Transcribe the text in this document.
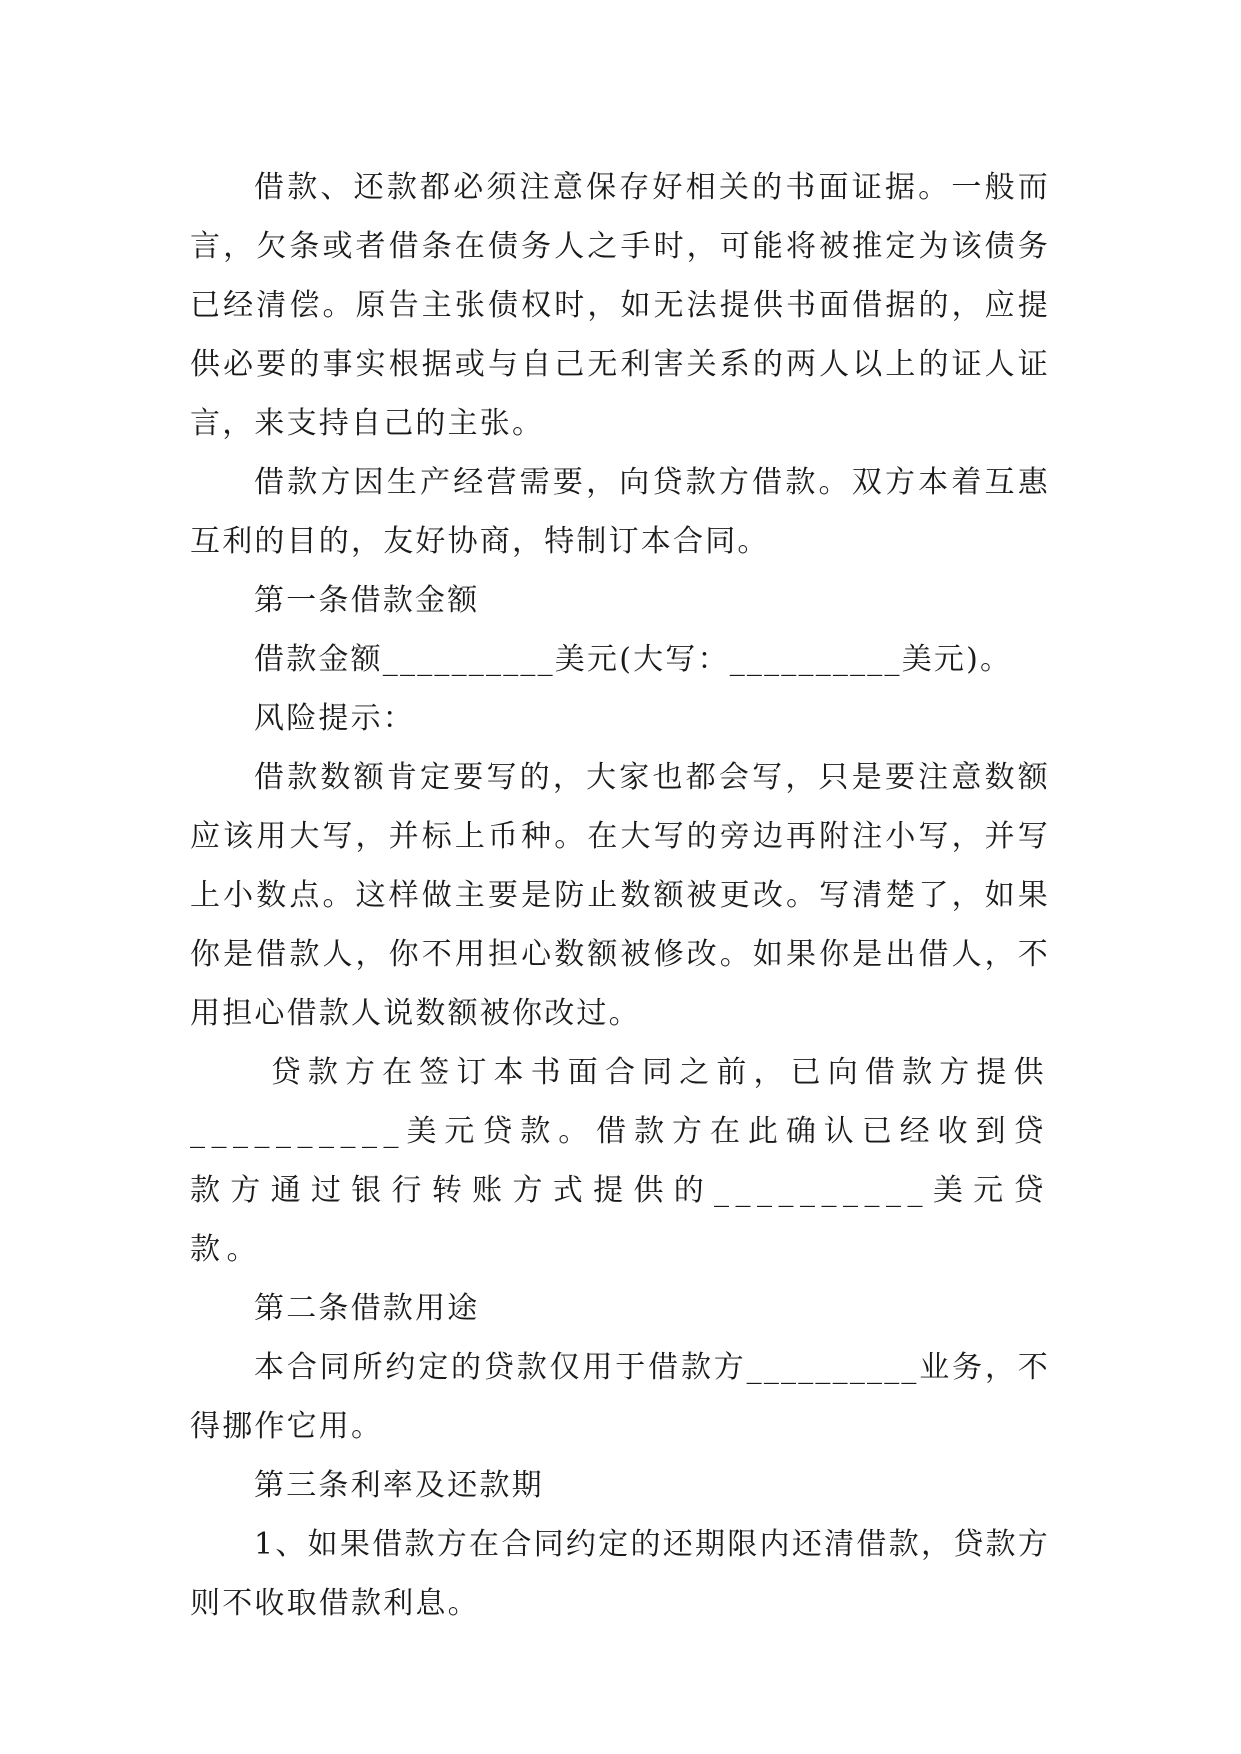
借款、还款都必须注意保存好相关的书面证据。一般而言，欠条或者借条在债务人之手时，可能将被推定为该债务已经清偿。原告主张债权时，如无法提供书面借据的，应提供必要的事实根据或与自己无利害关系的两人以上的证人证言，来支持自己的主张。

借款方因生产经营需要，向贷款方借款。双方本着互惠互利的目的，友好协商，特制订本合同。

第一条借款金额

借款金额__________美元(大写：__________美元)。

风险提示：

借款数额肯定要写的，大家也都会写，只是要注意数额应该用大写，并标上币种。在大写的旁边再附注小写，并写上小数点。这样做主要是防止数额被更改。写清楚了，如果你是借款人，你不用担心数额被修改。如果你是出借人，不用担心借款人说数额被你改过。

贷款方在签订本书面合同之前，已向借款方提供__________美元贷款。借款方在此确认已经收到贷款方通过银行转账方式提供的__________美元贷款。

第二条借款用途

本合同所约定的贷款仅用于借款方__________业务，不得挪作它用。

第三条利率及还款期

1、如果借款方在合同约定的还期限内还清借款，贷款方则不收取借款利息。
